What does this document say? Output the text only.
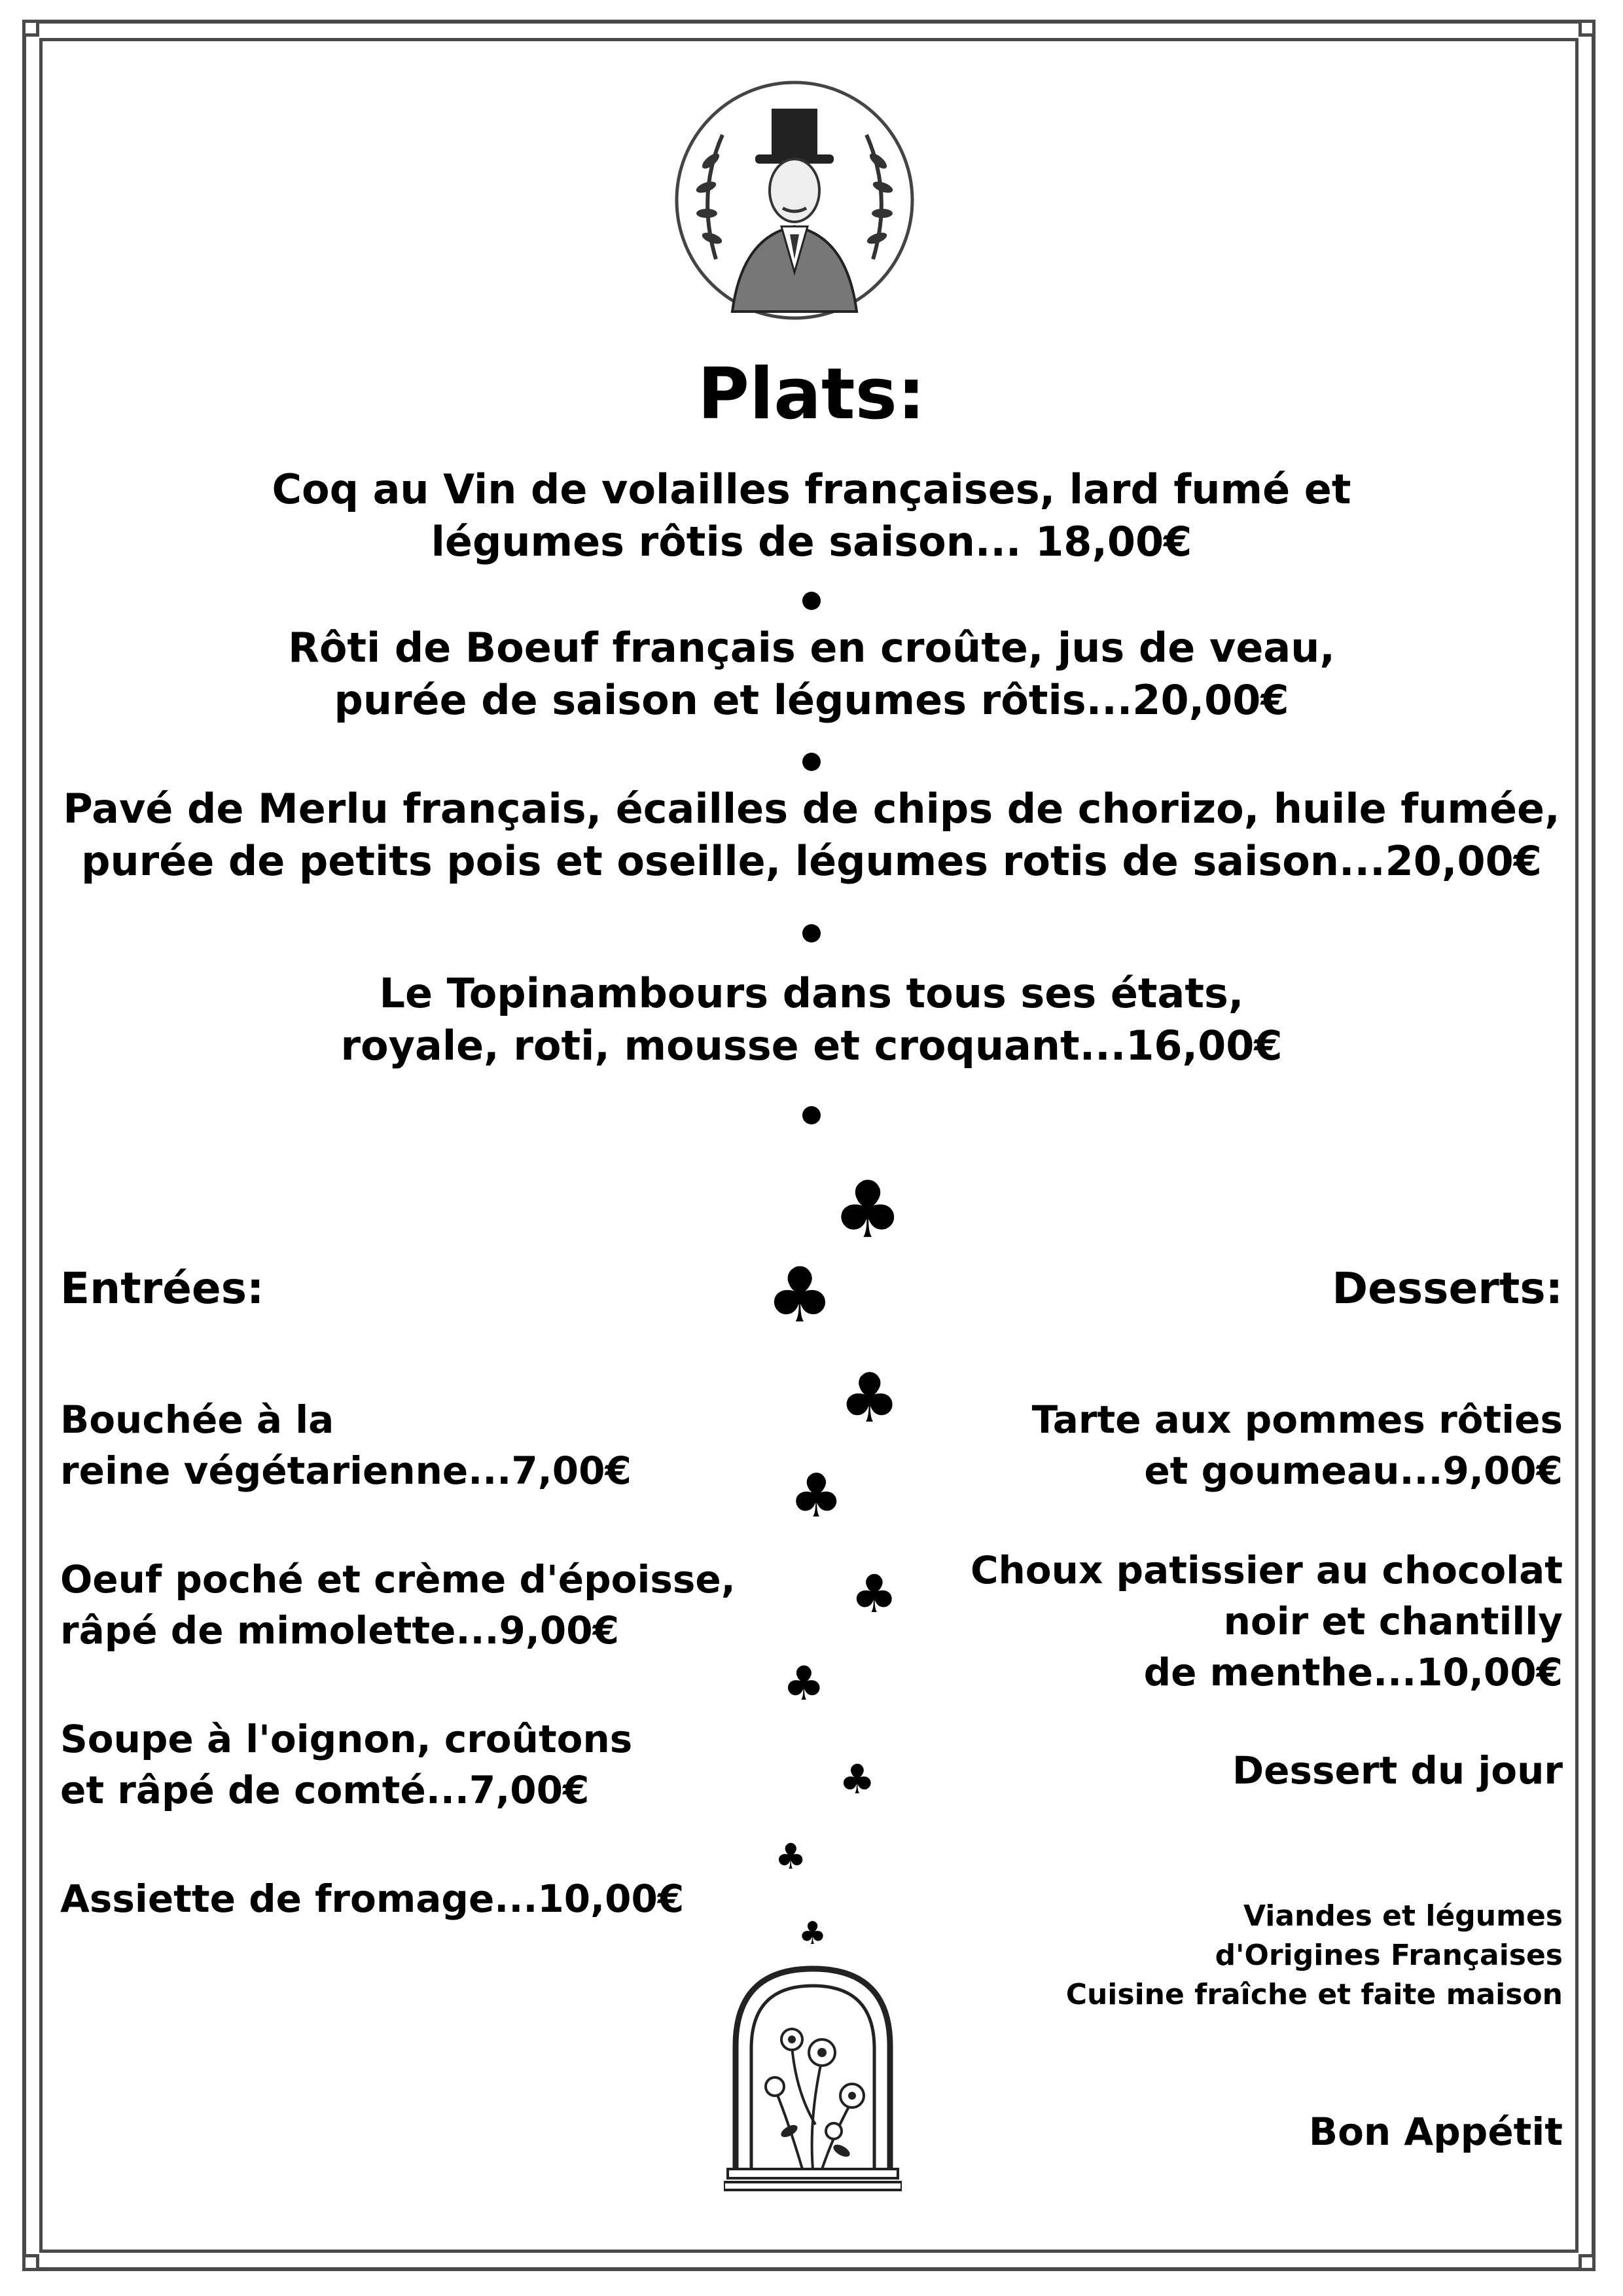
Plats:
Coq au Vin de volailles françaises, lard fumé et
légumes rôtis de saison... 18,00€
Rôti de Boeuf français en croûte, jus de veau,
purée de saison et légumes rôtis...20,00€
Pavé de Merlu français, écailles de chips de chorizo, huile fumée,
purée de petits pois et oseille, légumes rotis de saison...20,00€
Le Topinambours dans tous ses états,
royale, roti, mousse et croquant...16,00€
♣
♣
♣
♣
♣
♣
♣
♣
♣
Entrées:
Bouchée à la
reine végétarienne...7,00€
Oeuf poché et crème d'époisse,
râpé de mimolette...9,00€
Soupe à l'oignon, croûtons
et râpé de comté...7,00€
Assiette de fromage...10,00€
Desserts:
Tarte aux pommes rôties
et goumeau...9,00€
Choux patissier au chocolat
noir et chantilly
de menthe...10,00€
Dessert du jour
Viandes et légumes
d'Origines Françaises
Cuisine fraîche et faite maison
Bon Appétit
